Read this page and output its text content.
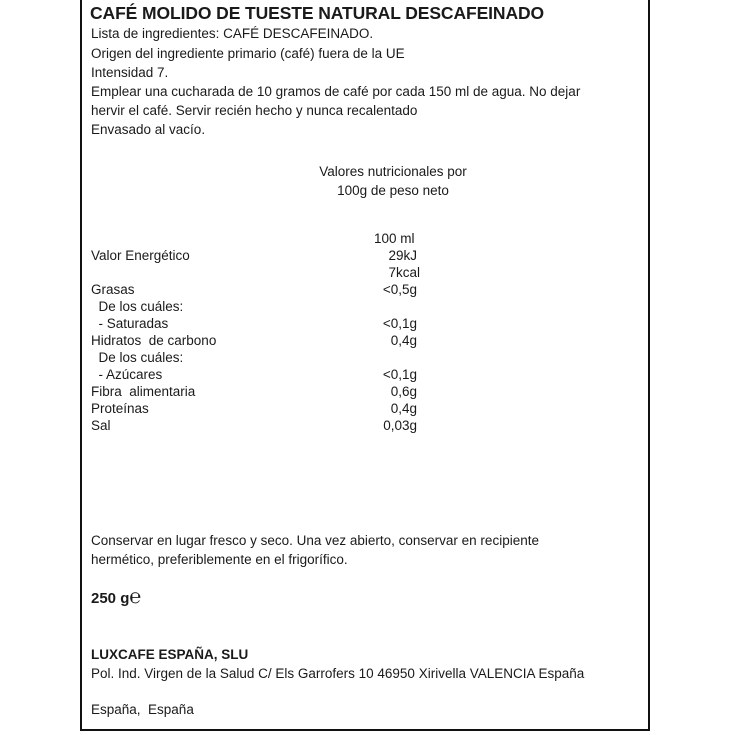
CAFÉ MOLIDO DE TUESTE NATURAL DESCAFEINADO
Lista de ingredientes: CAFÉ DESCAFEINADO.
Origen del ingrediente primario (café) fuera de la UE
Intensidad 7.
Emplear una cucharada de 10 gramos de café por cada 150 ml de agua. No dejar
hervir el café. Servir recién hecho y nunca recalentado
Envasado al vacío.
Valores nutricionales por
100g de peso neto
100 ml
Valor Energético	29kJ
7kcal
Grasas	<0,5g
De los cuáles:
- Saturadas	<0,1g
Hidratos  de carbono	0,4g
De los cuáles:
- Azúcares	<0,1g
Fibra  alimentaria	0,6g
Proteínas	0,4g
Sal	0,03g
Conservar en lugar fresco y seco. Una vez abierto, conservar en recipiente
hermético, preferiblemente en el frigorífico.
250 g℮
LUXCAFE ESPAÑA, SLU
Pol. Ind. Virgen de la Salud C/ Els Garrofers 10 46950 Xirivella VALENCIA España
España,  España
